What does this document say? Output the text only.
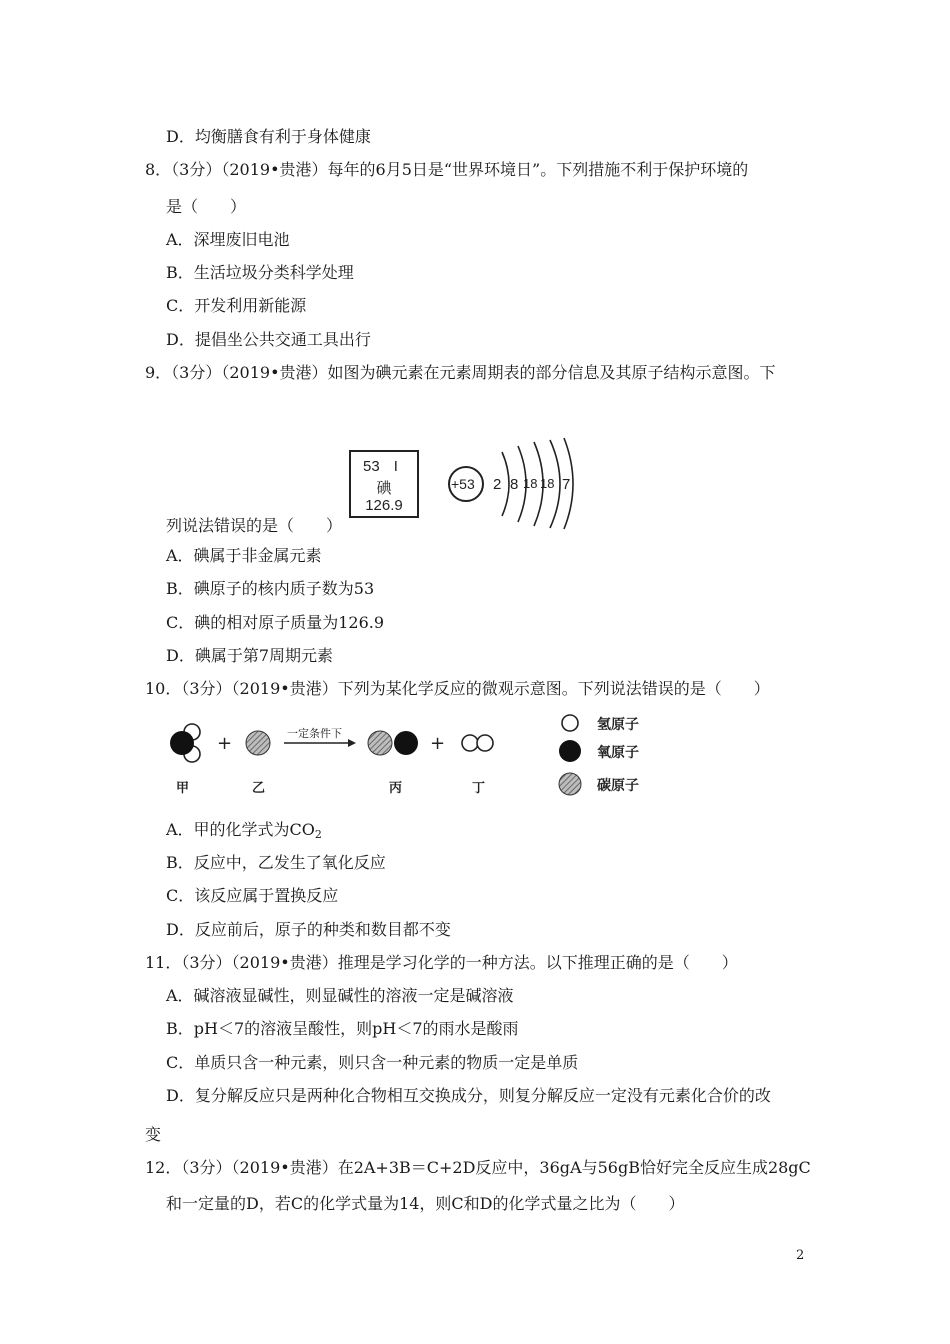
D．均衡膳食有利于身体健康
8．（3分）（2019•贵港）每年的6月5日是“世界环境日”。下列措施不利于保护环境的
是（　　）
A．深埋废旧电池
B．生活垃圾分类科学处理
C．开发利用新能源
D．提倡坐公共交通工具出行
9．（3分）（2019•贵港）如图为碘元素在元素周期表的部分信息及其原子结构示意图。下
53 I
碘
126.9
+53 2 8 18 18 7
列说法错误的是（　　）
A．碘属于非金属元素
B．碘原子的核内质子数为53
C．碘的相对原子质量为126.9
D．碘属于第7周期元素
10．（3分）（2019•贵港）下列为某化学反应的微观示意图。下列说法错误的是（　　）
+	一定条件下	+
甲	乙	丙	丁
氢原子
氧原子
碳原子
A．甲的化学式为$CO_2$
B．反应中，乙发生了氧化反应
C．该反应属于置换反应
D．反应前后，原子的种类和数目都不变
11．（3分）（2019•贵港）推理是学习化学的一种方法。以下推理正确的是（　　）
A．碱溶液显碱性，则显碱性的溶液一定是碱溶液
B．pH＜7的溶液呈酸性，则pH＜7的雨水是酸雨
C．单质只含一种元素，则只含一种元素的物质一定是单质
D．复分解反应只是两种化合物相互交换成分，则复分解反应一定没有元素化合价的改
变
12．（3分）（2019•贵港）在2A+3B＝C+2D反应中，36gA与56gB恰好完全反应生成28gC
和一定量的D，若C的化学式量为14，则C和D的化学式量之比为（　　）
2
